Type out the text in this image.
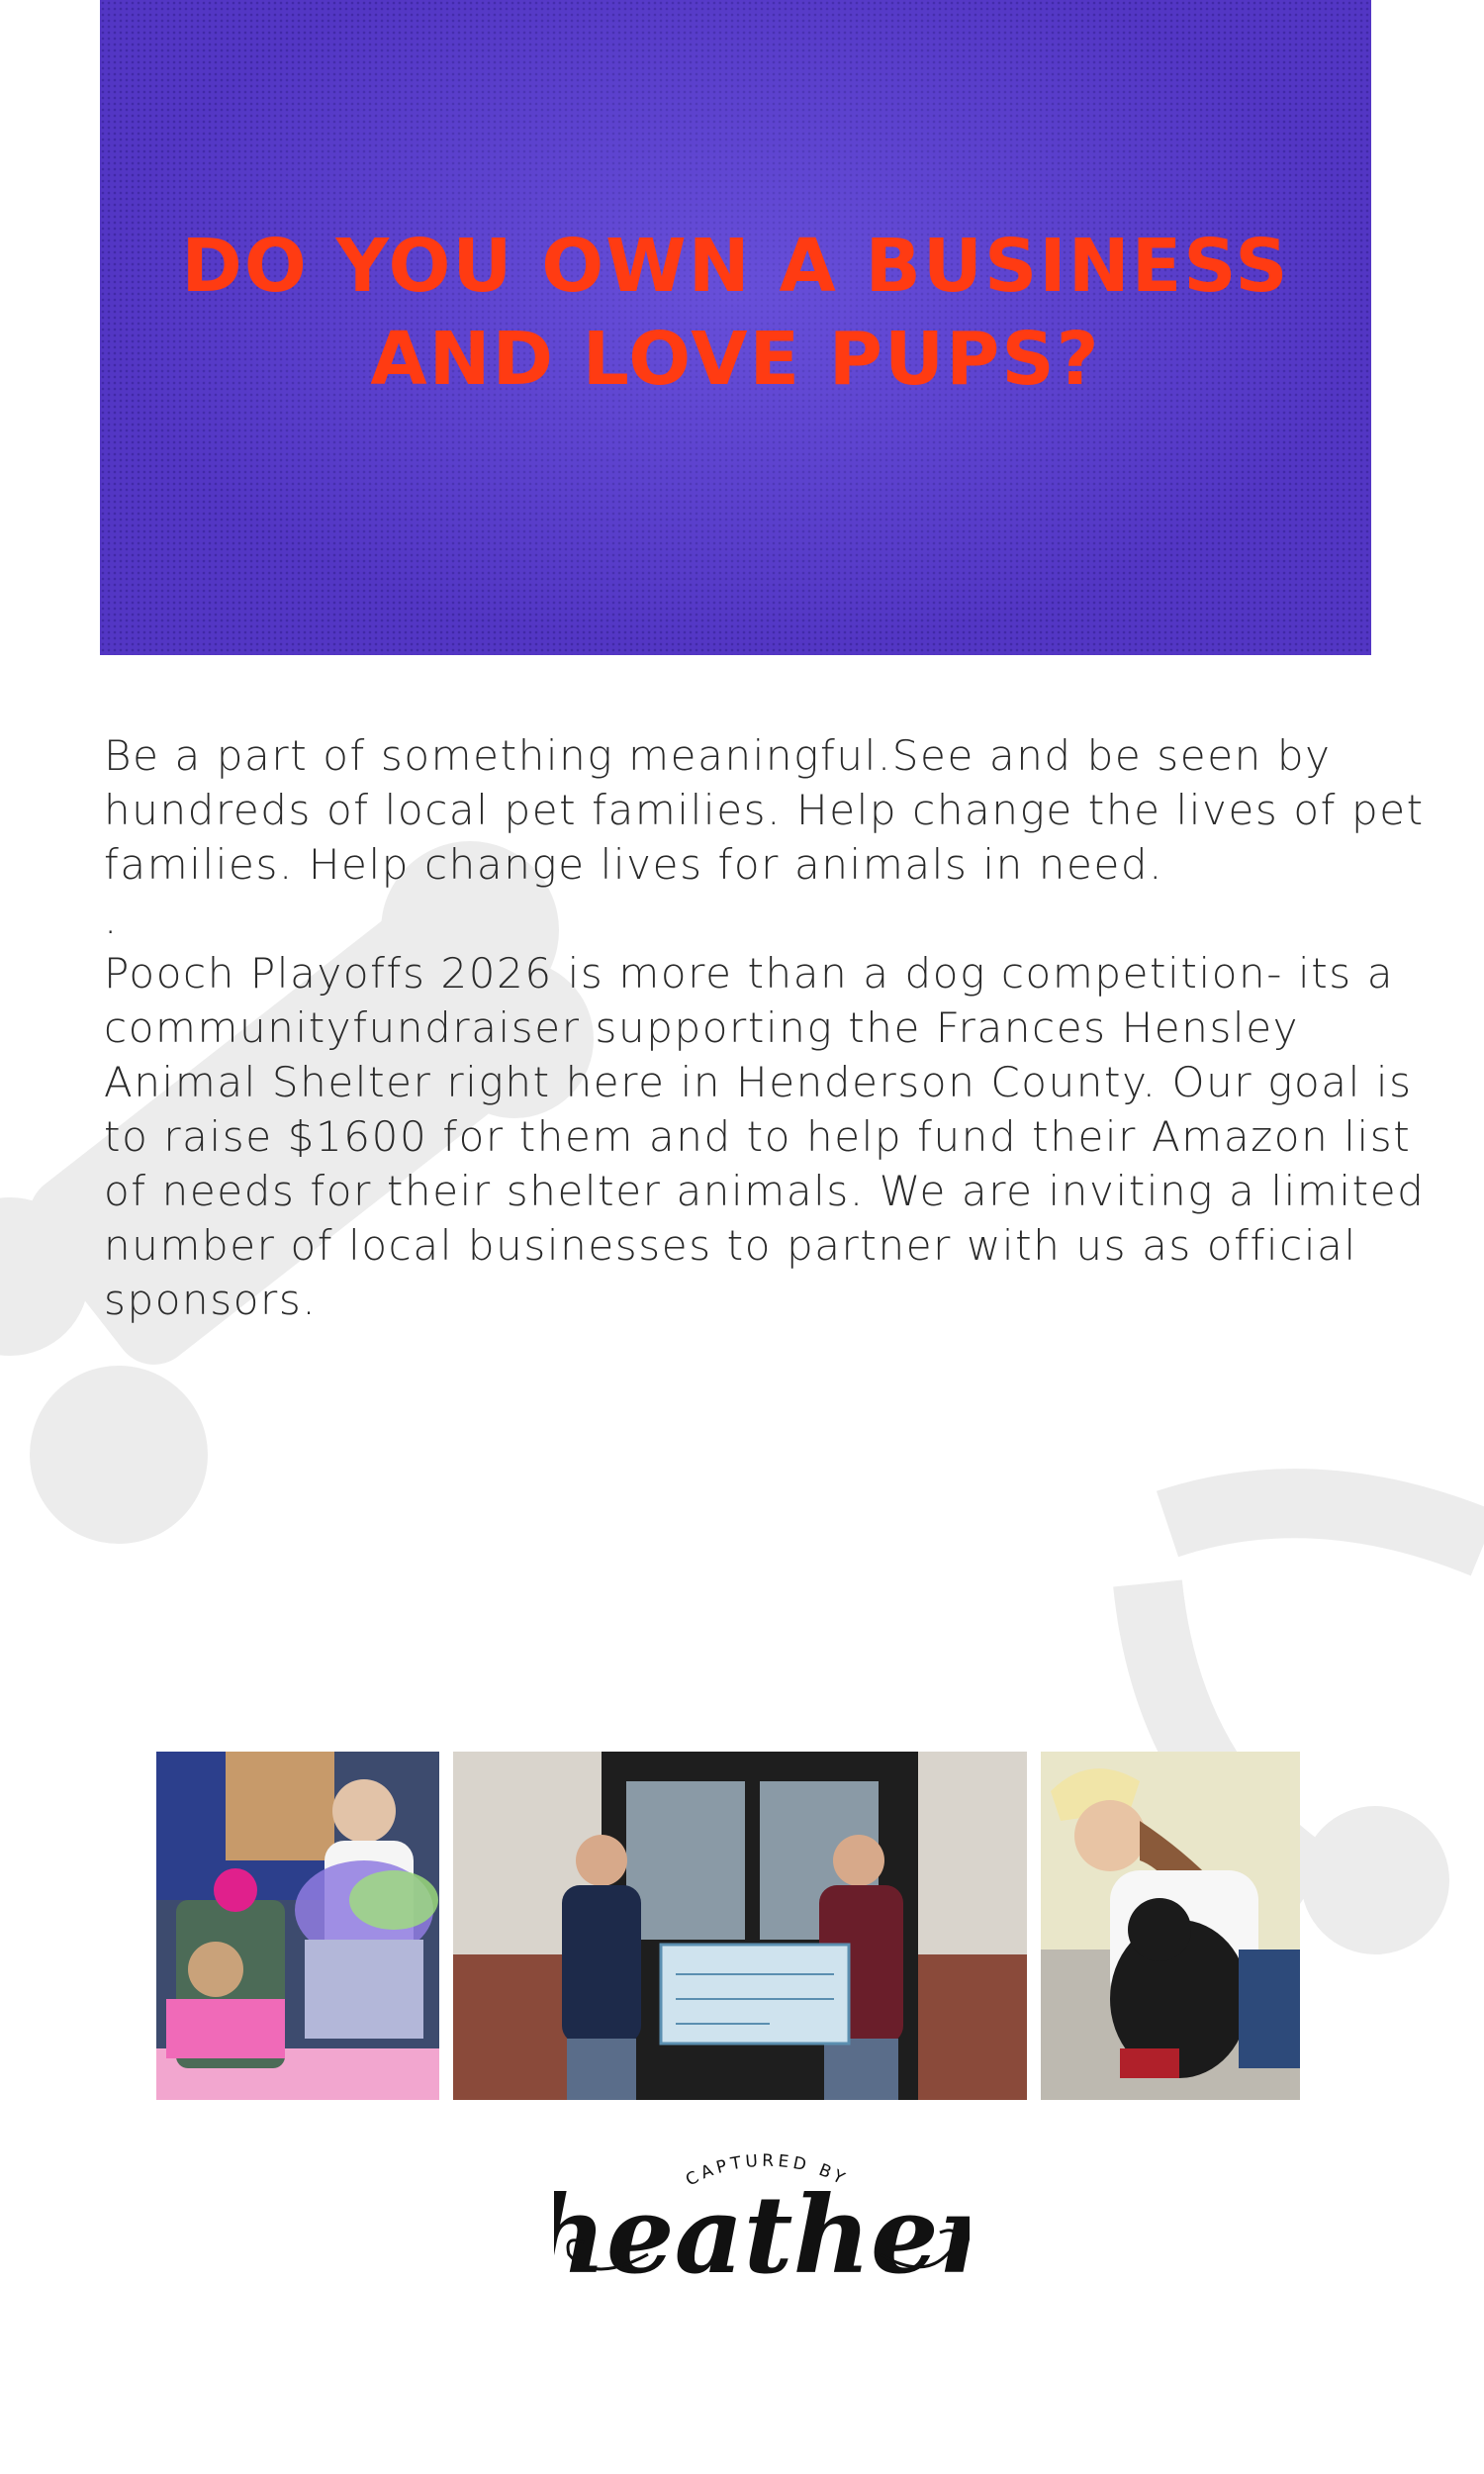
DO YOU OWN A BUSINESS AND LOVE PUPS?

Be a part of something meaningful.See and be seen by hundreds of local pet families. Help change the lives of pet families. Help change lives for animals in need.

.

Pooch Playoffs 2026 is more than a dog competition- its a communityfundraiser supporting the Frances Hensley Animal Shelter right here in Henderson County. Our goal is to raise $1600 for them and to help fund their Amazon list of needs for their shelter animals. We are inviting a limited number of local businesses to partner with us as official sponsors.

CAPTURED BY
eathe
